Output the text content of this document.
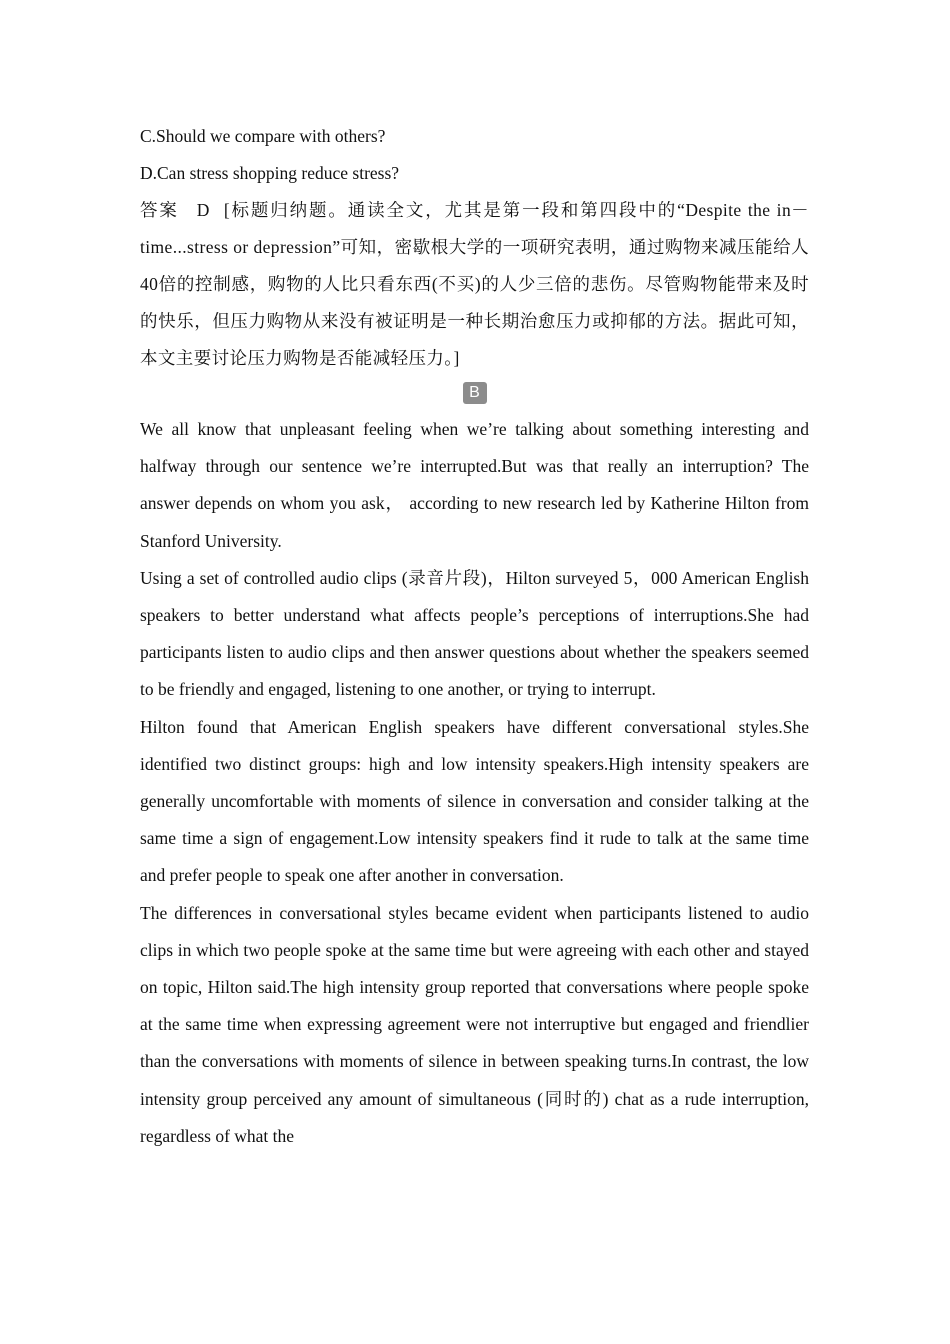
C.Should we compare with others?

D.Can stress shopping reduce stress?

答案 D [标题归纳题。通读全文，尤其是第一段和第四段中的“Despite the in－time...stress or depression”可知，密歇根大学的一项研究表明，通过购物来减压能给人40倍的控制感，购物的人比只看东西(不买)的人少三倍的悲伤。尽管购物能带来及时的快乐，但压力购物从来没有被证明是一种长期治愈压力或抑郁的方法。据此可知，本文主要讨论压力购物是否能减轻压力。]

B

We all know that unpleasant feeling when we’re talking about something interesting and halfway through our sentence we’re interrupted.But was that really an interruption? The answer depends on whom you ask， according to new research led by Katherine Hilton from Stanford University.

Using a set of controlled audio clips (录音片段)，Hilton surveyed 5，000 American English speakers to better understand what affects people’s perceptions of interruptions.She had participants listen to audio clips and then answer questions about whether the speakers seemed to be friendly and engaged, listening to one another, or trying to interrupt.

Hilton found that American English speakers have different conversational styles.She identified two distinct groups: high and low intensity speakers.High intensity speakers are generally uncomfortable with moments of silence in conversation and consider talking at the same time a sign of engagement.Low intensity speakers find it rude to talk at the same time and prefer people to speak one after another in conversation.

The differences in conversational styles became evident when participants listened to audio clips in which two people spoke at the same time but were agreeing with each other and stayed on topic, Hilton said.The high intensity group reported that conversations where people spoke at the same time when expressing agreement were not interruptive but engaged and friendlier than the conversations with moments of silence in between speaking turns.In contrast, the low intensity group perceived any amount of simultaneous (同时的) chat as a rude interruption, regardless of what the
